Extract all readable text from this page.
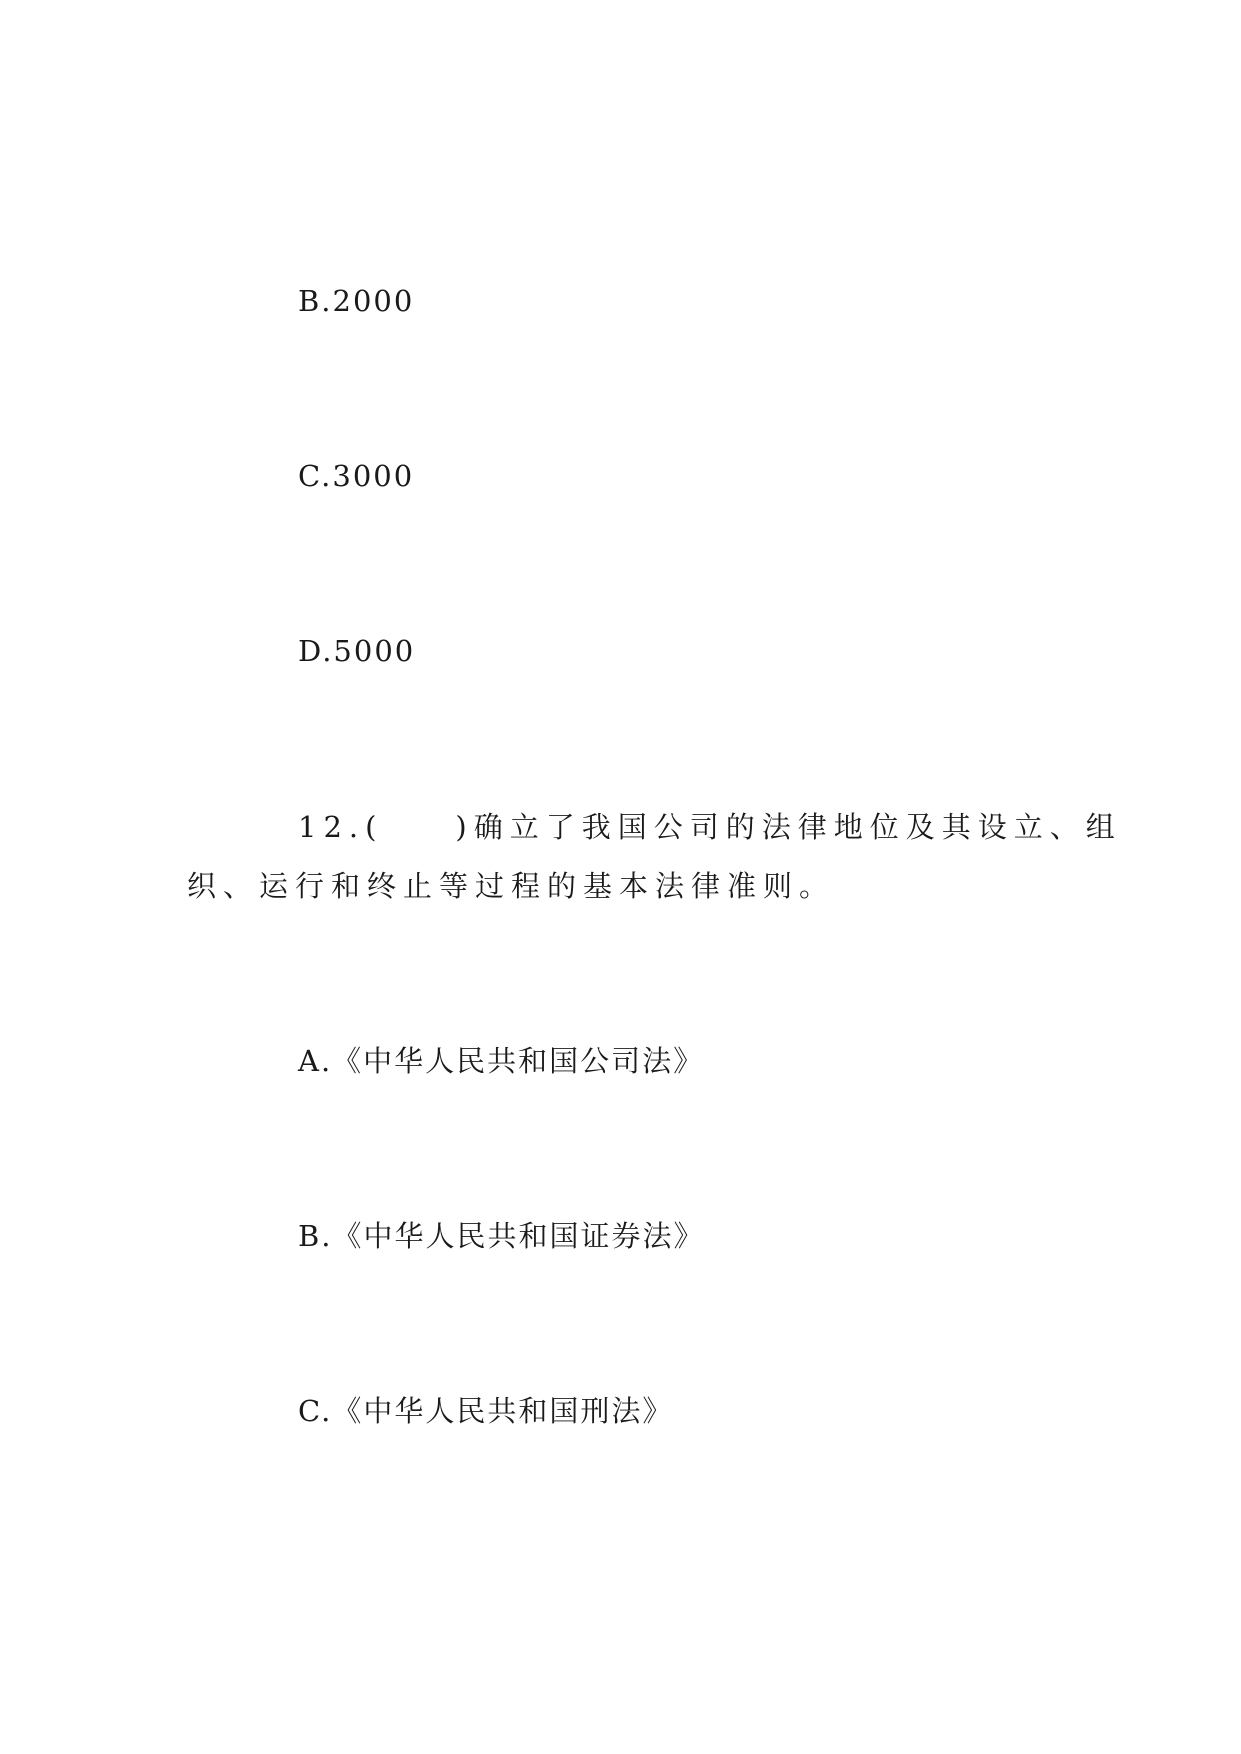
B.2000

C.3000

D.5000

12.(　　)确立了我国公司的法律地位及其设立、组

织、运行和终止等过程的基本法律准则。

A.《中华人民共和国公司法》

B.《中华人民共和国证券法》

C.《中华人民共和国刑法》
